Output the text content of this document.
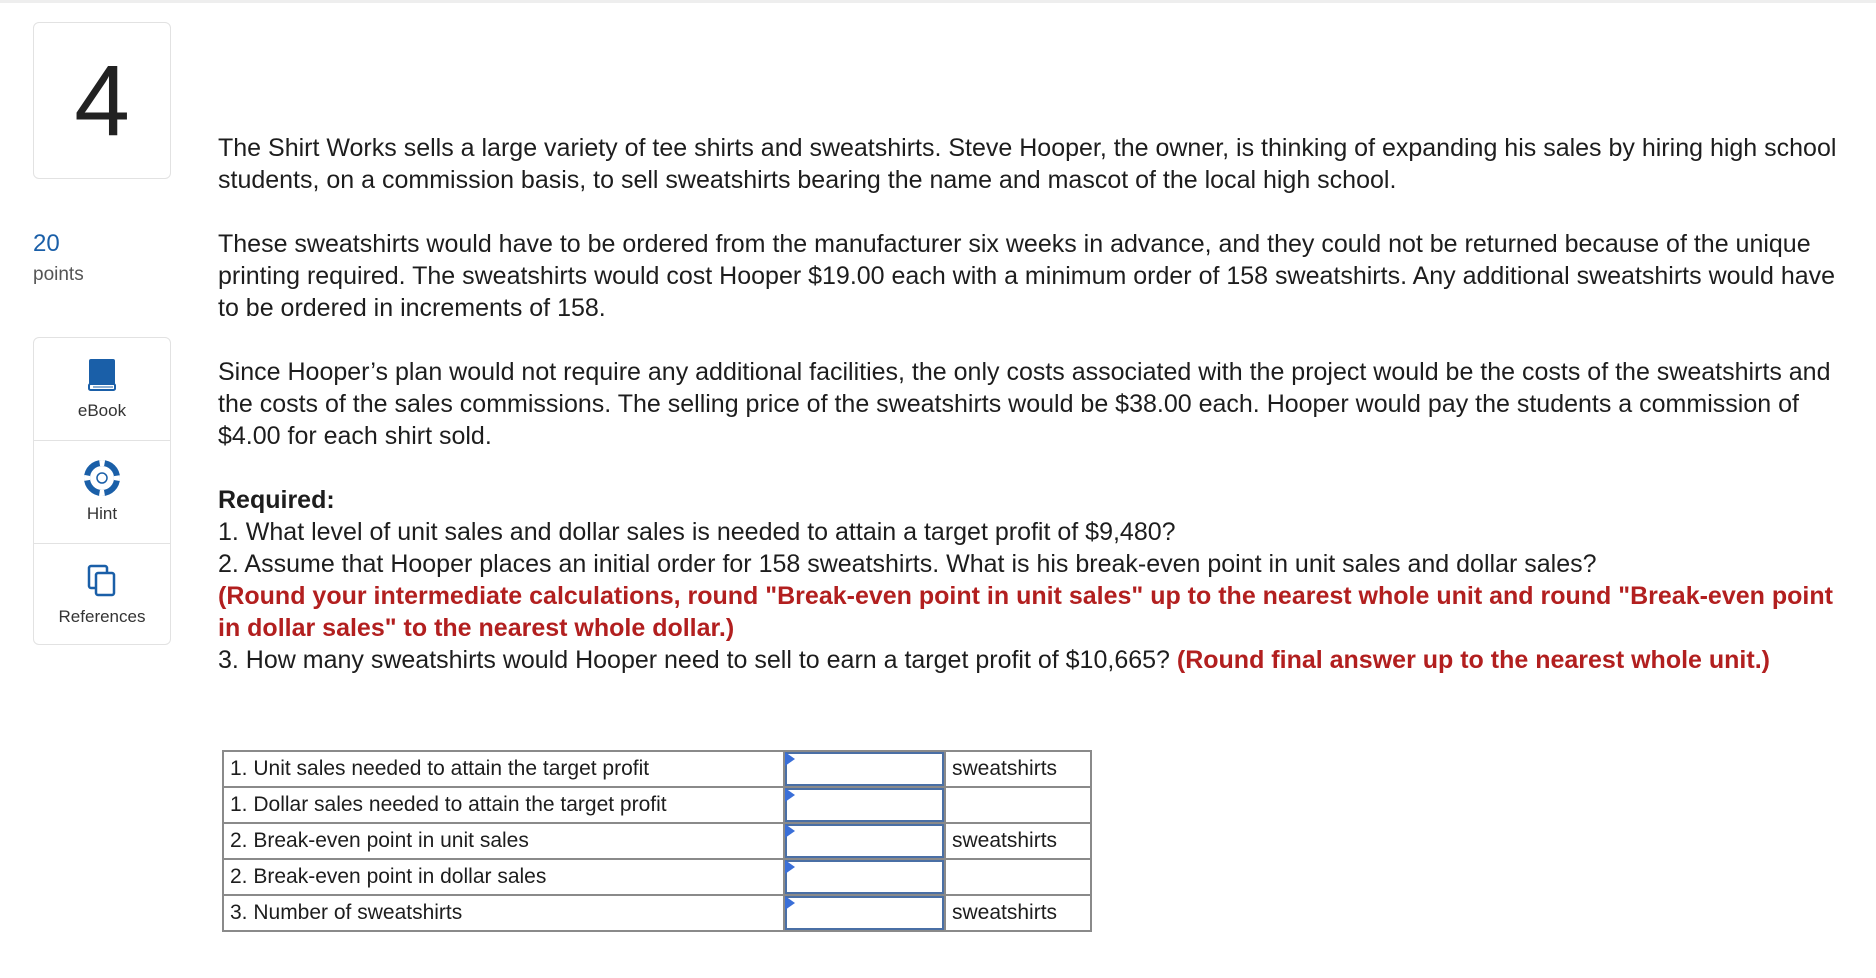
4
20
points
eBook
Hint
References

The Shirt Works sells a large variety of tee shirts and sweatshirts. Steve Hooper, the owner, is thinking of expanding his sales by hiring high school students, on a commission basis, to sell sweatshirts bearing the name and mascot of the local high school.

These sweatshirts would have to be ordered from the manufacturer six weeks in advance, and they could not be returned because of the unique printing required. The sweatshirts would cost Hooper $19.00 each with a minimum order of 158 sweatshirts. Any additional sweatshirts would have to be ordered in increments of 158.

Since Hooper’s plan would not require any additional facilities, the only costs associated with the project would be the costs of the sweatshirts and the costs of the sales commissions. The selling price of the sweatshirts would be $38.00 each. Hooper would pay the students a commission of $4.00 for each shirt sold.

Required:

1. What level of unit sales and dollar sales is needed to attain a target profit of $9,480?

2. Assume that Hooper places an initial order for 158 sweatshirts. What is his break-even point in unit sales and dollar sales?

(Round your intermediate calculations, round "Break-even point in unit sales" up to the nearest whole unit and round "Break-even point in dollar sales" to the nearest whole dollar.)

3. How many sweatshirts would Hooper need to sell to earn a target profit of $10,665? (Round final answer up to the nearest whole unit.)

1. Unit sales needed to attain the target profit		sweatshirts
1. Dollar sales needed to attain the target profit	

2. Break-even point in unit sales		sweatshirts
2. Break-even point in dollar sales	

3. Number of sweatshirts		sweatshirts
